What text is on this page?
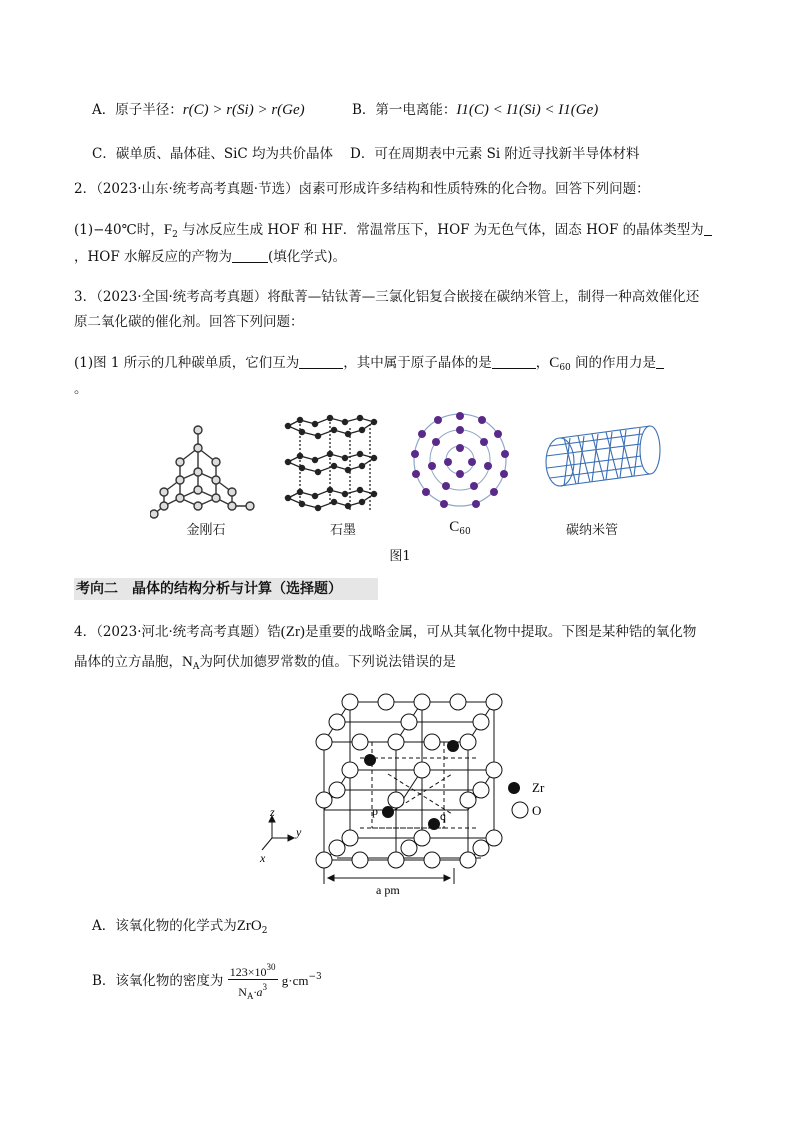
A．原子半径：r(C) > r(Si) > r(Ge)	B．第一电离能：I1(C) < I1(Si) < I1(Ge)
C．碳单质、晶体硅、SiC 均为共价晶体 D．可在周期表中元素 Si 附近寻找新半导体材料
2．（2023·山东·统考高考真题·节选）卤素可形成许多结构和性质特殊的化合物。回答下列问题：
(1)−40℃时，$F_2$ 与冰反应生成 HOF 和 HF．常温常压下，HOF 为无色气体，固态 HOF 的晶体类型为
，HOF 水解反应的产物为	(填化学式)。
3．（2023·全国·统考高考真题）将酞菁—钴钛菁—三氯化铝复合嵌接在碳纳米管上，制得一种高效催化还
原二氧化碳的催化剂。回答下列问题：
(1)图 1 所示的几种碳单质，它们互为	，其中属于原子晶体的是	，$C_{60}$ 间的作用力是
。
金刚石	石墨	$C_{60}$	碳纳米管
图1
考向二　晶体的结构分析与计算（选择题）
4．（2023·河北·统考高考真题）锆(Zr)是重要的战略金属，可从其氧化物中提取。下图是某种锆的氧化物
晶体的立方晶胞，$N_A$为阿伏加德罗常数的值。下列说法错误的是
Zr
O
p	q
a pm
z
y
x
A．该氧化物的化学式为ZrO$_2$
B．该氧化物的密度为 $\frac{123\times 10^{30}}{N_A\cdot a^3} g\cdot cm^{-3}$
